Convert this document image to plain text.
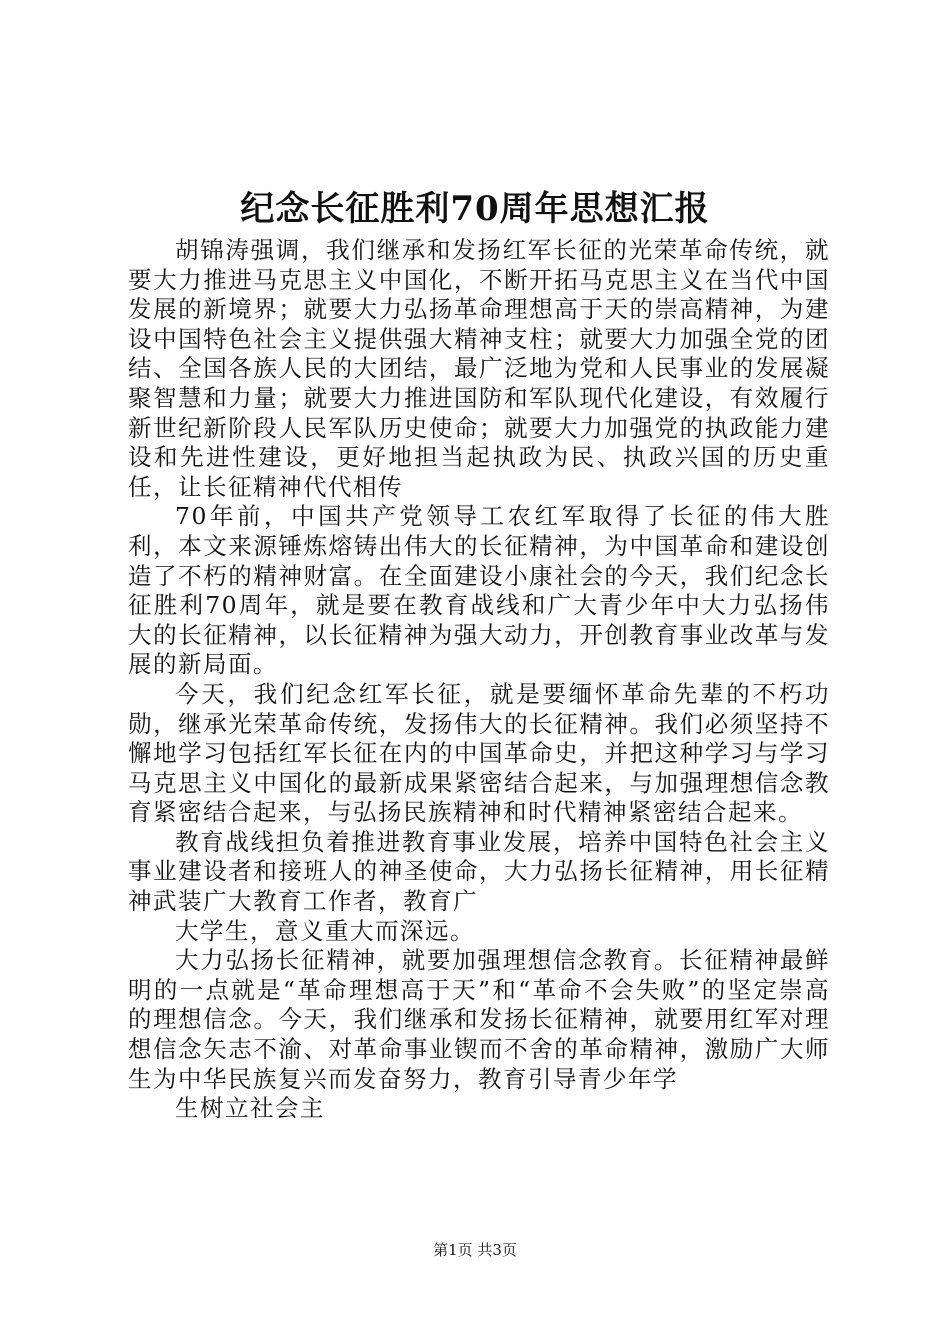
纪念长征胜利70周年思想汇报

胡锦涛强调，我们继承和发扬红军长征的光荣革命传统，就要大力推进马克思主义中国化，不断开拓马克思主义在当代中国发展的新境界；就要大力弘扬革命理想高于天的崇高精神，为建设中国特色社会主义提供强大精神支柱；就要大力加强全党的团结、全国各族人民的大团结，最广泛地为党和人民事业的发展凝聚智慧和力量；就要大力推进国防和军队现代化建设，有效履行新世纪新阶段人民军队历史使命；就要大力加强党的执政能力建设和先进性建设，更好地担当起执政为民、执政兴国的历史重任，让长征精神代代相传

70年前，中国共产党领导工农红军取得了长征的伟大胜利，本文来源锤炼熔铸出伟大的长征精神，为中国革命和建设创造了不朽的精神财富。在全面建设小康社会的今天，我们纪念长征胜利70周年，就是要在教育战线和广大青少年中大力弘扬伟大的长征精神，以长征精神为强大动力，开创教育事业改革与发展的新局面。

今天，我们纪念红军长征，就是要缅怀革命先辈的不朽功勋，继承光荣革命传统，发扬伟大的长征精神。我们必须坚持不懈地学习包括红军长征在内的中国革命史，并把这种学习与学习马克思主义中国化的最新成果紧密结合起来，与加强理想信念教育紧密结合起来，与弘扬民族精神和时代精神紧密结合起来。

教育战线担负着推进教育事业发展，培养中国特色社会主义事业建设者和接班人的神圣使命，大力弘扬长征精神，用长征精神武装广大教育工作者，教育广

大学生，意义重大而深远。

大力弘扬长征精神，就要加强理想信念教育。长征精神最鲜明的一点就是“革命理想高于天”和“革命不会失败”的坚定崇高的理想信念。今天，我们继承和发扬长征精神，就要用红军对理想信念矢志不渝、对革命事业锲而不舍的革命精神，激励广大师生为中华民族复兴而发奋努力，教育引导青少年学

生树立社会主

第1页 共3页
